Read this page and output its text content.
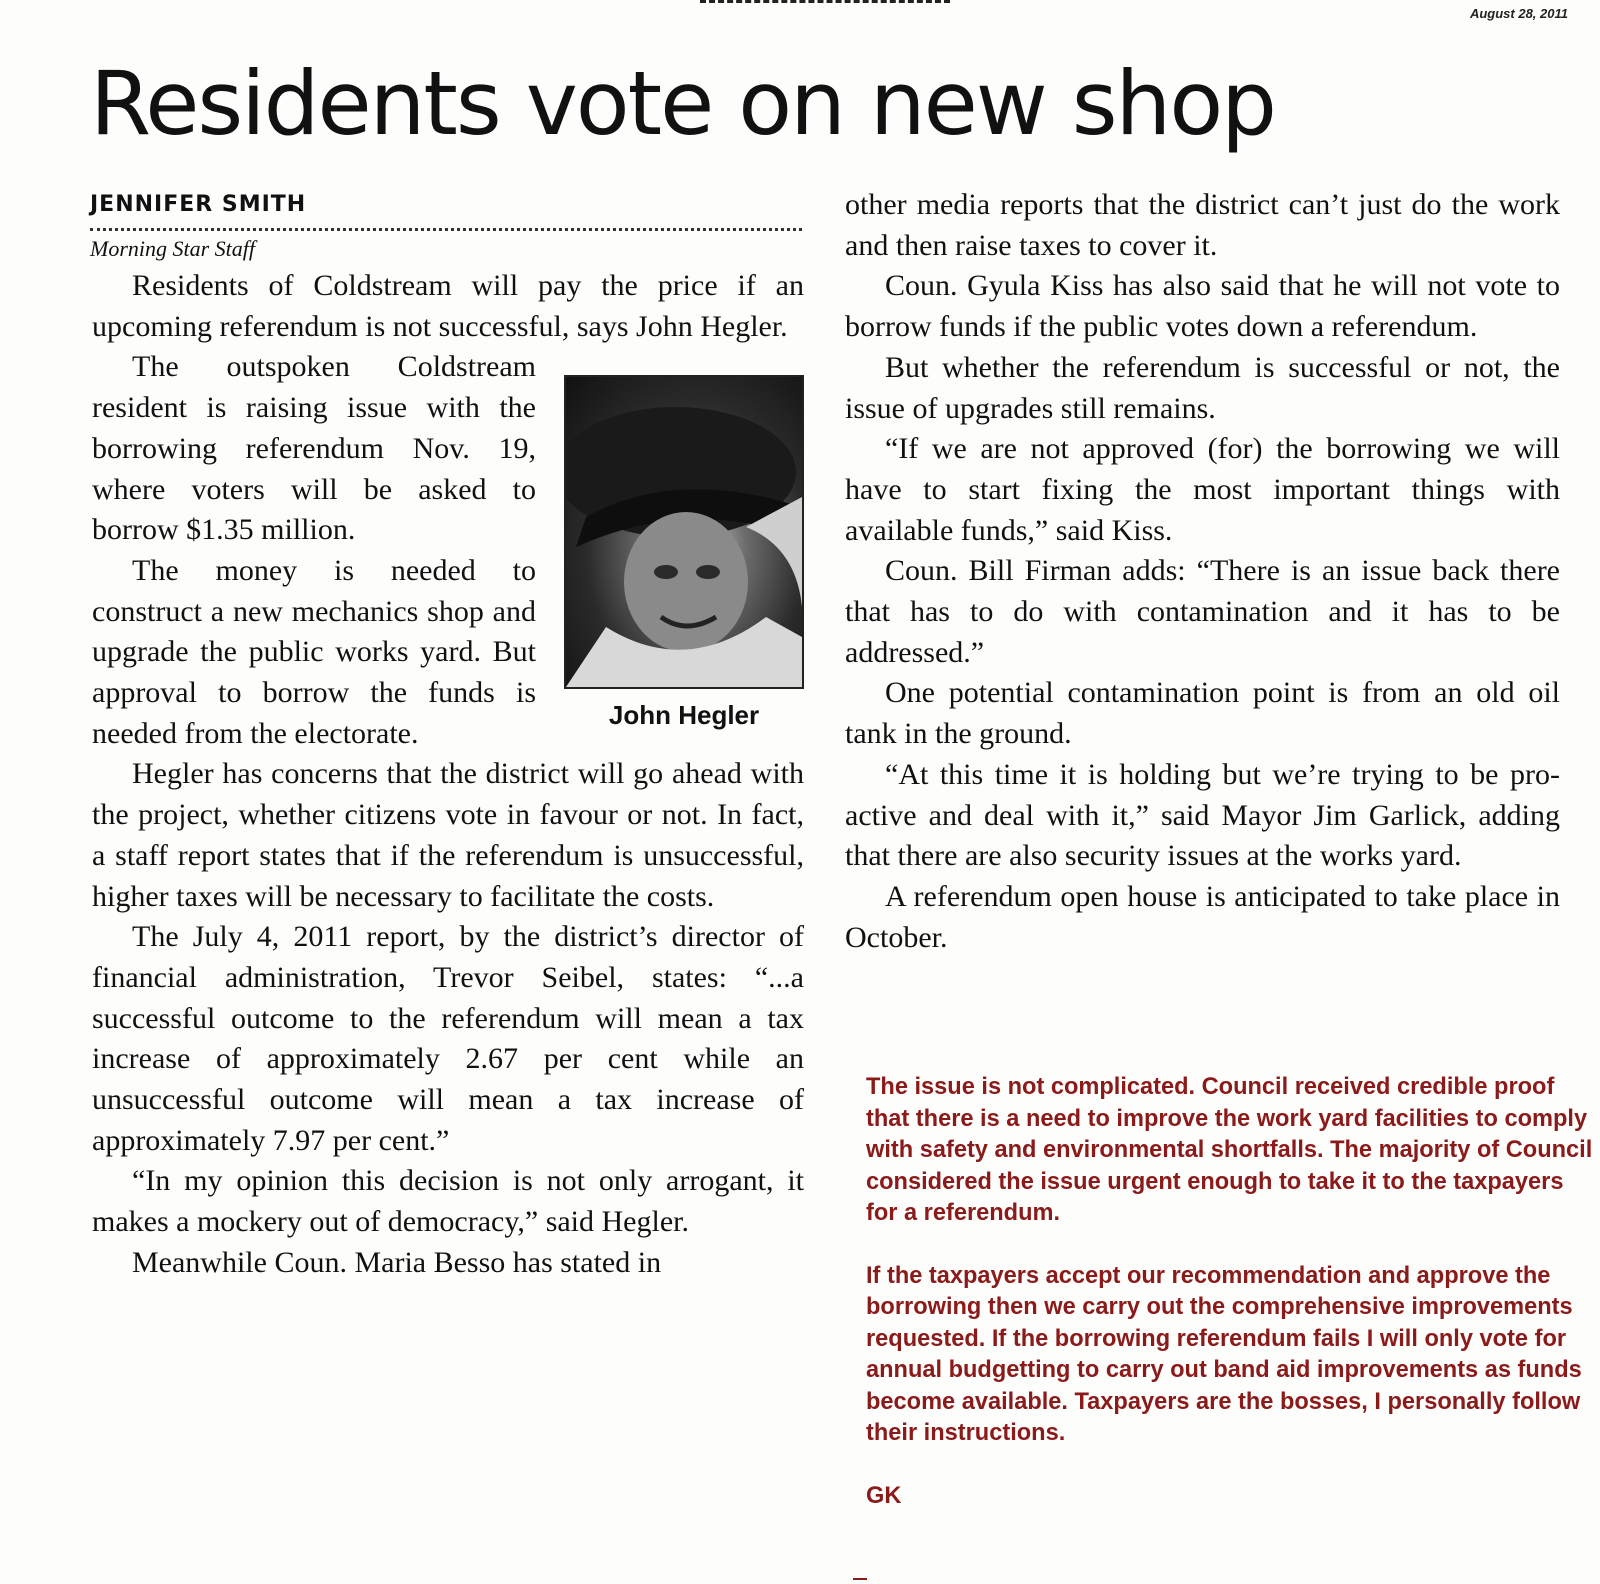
August 28, 2011
Residents vote on new shop
JENNIFER SMITH
Morning Star Staff

Residents of Coldstream will pay the price if an upcoming referendum is not successful, says John Hegler.

John Hegler

The outspoken Coldstream resident is raising issue with the borrowing referendum Nov. 19, where voters will be asked to borrow $1.35 million.

The money is needed to construct a new mechanics shop and upgrade the public works yard. But approval to borrow the funds is needed from the electorate.

Hegler has concerns that the district will go ahead with the project, whether citizens vote in favour or not. In fact, a staff report states that if the referendum is unsuccessful, higher taxes will be necessary to facilitate the costs.

The July 4, 2011 report, by the district’s director of financial administration, Trevor Seibel, states: “...a successful outcome to the referendum will mean a tax increase of approximately 2.67 per cent while an unsuccessful outcome will mean a tax increase of approximately 7.97 per cent.”

“In my opinion this decision is not only arrogant, it makes a mockery out of democracy,” said Hegler.

Meanwhile Coun. Maria Besso has stated in

other media reports that the district can’t just do the work and then raise taxes to cover it.

Coun. Gyula Kiss has also said that he will not vote to borrow funds if the public votes down a referendum.

But whether the referendum is successful or not, the issue of upgrades still remains.

“If we are not approved (for) the borrowing we will have to start fixing the most important things with available funds,” said Kiss.

Coun. Bill Firman adds: “There is an issue back there that has to do with contamination and it has to be addressed.”

One potential contamination point is from an old oil tank in the ground.

“At this time it is holding but we’re trying to be pro-active and deal with it,” said Mayor Jim Garlick, adding that there are also security issues at the works yard.

A referendum open house is anticipated to take place in October.

The issue is not complicated. Council received credible proof that there is a need to improve the work yard facilities to comply with safety and environmental shortfalls. The majority of Council considered the issue urgent enough to take it to the taxpayers for a referendum.

If the taxpayers accept our recommendation and approve the borrowing then we carry out the comprehensive improvements requested. If the borrowing referendum fails I will only vote for annual budgetting to carry out band aid improvements as funds become available. Taxpayers are the bosses, I personally follow their instructions.

GK
